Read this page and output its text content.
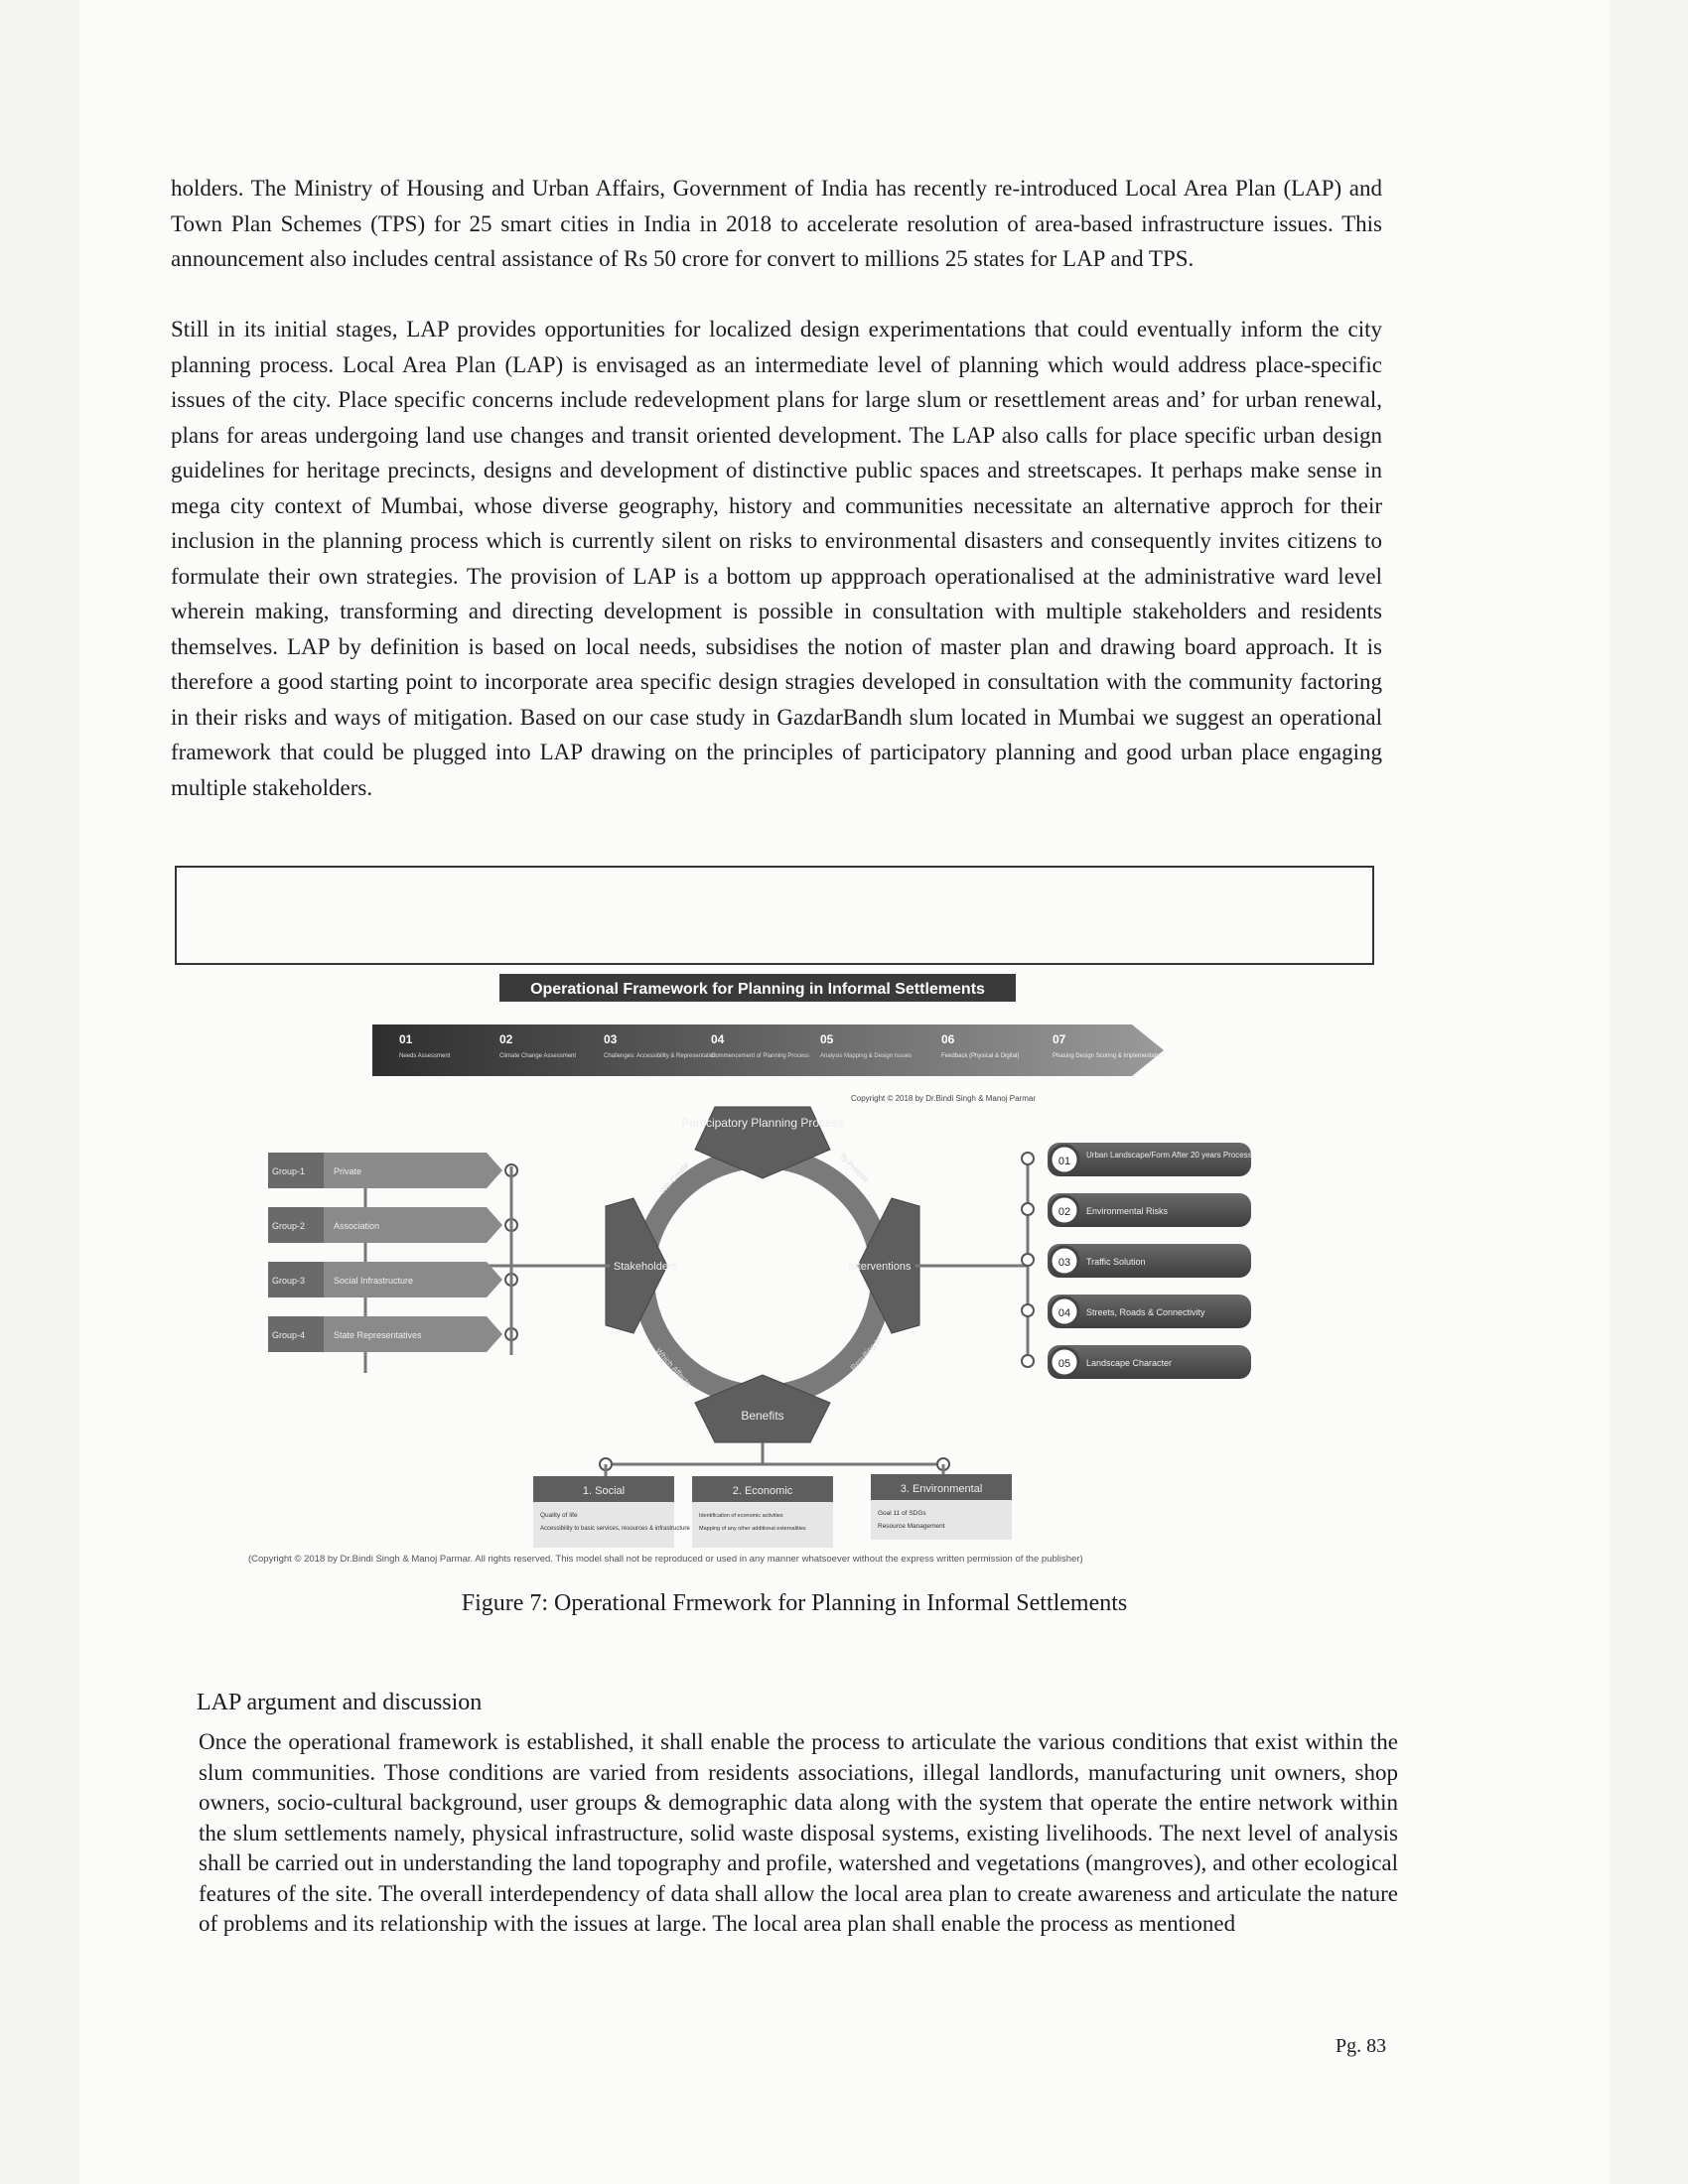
holders. The Ministry of Housing and Urban Affairs, Government of India has recently re-introduced Local Area Plan (LAP) and Town Plan Schemes (TPS) for 25 smart cities in India in 2018 to accelerate resolution of area-based infrastructure issues. This announcement also includes central assistance of Rs 50 crore for convert to millions 25 states for LAP and TPS.

Still in its initial stages, LAP provides opportunities for localized design experimentations that could eventually inform the city planning process. Local Area Plan (LAP) is envisaged as an intermediate level of planning which would address place-specific issues of the city. Place specific concerns include redevelopment plans for large slum or resettlement areas and’ for urban renewal, plans for areas undergoing land use changes and transit oriented development. The LAP also calls for place specific urban design guidelines for heritage precincts, designs and development of distinctive public spaces and streetscapes. It perhaps make sense in mega city context of Mumbai, whose diverse geography, history and communities necessitate an alternative approch for their inclusion in the planning process which is currently silent on risks to environmental disasters and consequently invites citizens to formulate their own strategies. The provision of LAP is a bottom up appproach operationalised at the administrative ward level wherein making, transforming and directing development is possible in consultation with multiple stakeholders and residents themselves. LAP by definition is based on local needs, subsidises the notion of master plan and drawing board approach. It is therefore a good starting point to incorporate area specific design stragies developed in consultation with the community factoring in their risks and ways of mitigation. Based on our case study in GazdarBandh slum located in Mumbai we suggest an operational framework that could be plugged into LAP drawing on the principles of participatory planning and good urban place engaging multiple stakeholders.

Operational Framework for Planning in Informal Settlements
01
Needs Assessment
02
Climate Change Assessment
03
Challenges: Accessibility & Representation
04
Commencement of Planning Process
05
Analysis Mapping & Design Issues
06
Feedback (Physical & Digital)
07
Phasing Design Scoring & Implementation
Copyright © 2018 by Dr.Bindi Singh & Manoj Parmar
Participatory Planning Process
Stakeholders	Interventions
Benefits
Will Create	To Provide
Which Affects	Resulting In
Group-1	Private
Group-2	Association
Group-3	Social Infrastructure
Group-4	State Representatives
01
Urban Landscape/Form After 20 years Process
02 Environmental Risks
03 Traffic Solution
04 Streets, Roads & Connectivity
05 Landscape Character
1. Social
Quality of life
Accessibility to basic services, resources & infrastructure
2. Economic
Identification of economic activities
Mapping of any other additional externalities
3. Environmental
Goal 11 of SDGs
Resource Management
(Copyright © 2018 by Dr.Bindi Singh & Manoj Parmar. All rights reserved. This model shall not be reproduced or used in any manner whatsoever without the express written permission of the publisher)
Figure 7: Operational Frmework for Planning in Informal Settlements
LAP argument and discussion

Once the operational framework is established, it shall enable the process to articulate the various conditions that exist within the slum communities. Those conditions are varied from residents associations, illegal landlords, manufacturing unit owners, shop owners, socio-cultural background, user groups & demographic data along with the system that operate the entire network within the slum settlements namely, physical infrastructure, solid waste disposal systems, existing livelihoods. The next level of analysis shall be carried out in understanding the land topography and profile, watershed and vegetations (mangroves), and other ecological features of the site. The overall interdependency of data shall allow the local area plan to create awareness and articulate the nature of problems and its relationship with the issues at large. The local area plan shall enable the process as mentioned

Pg. 83
